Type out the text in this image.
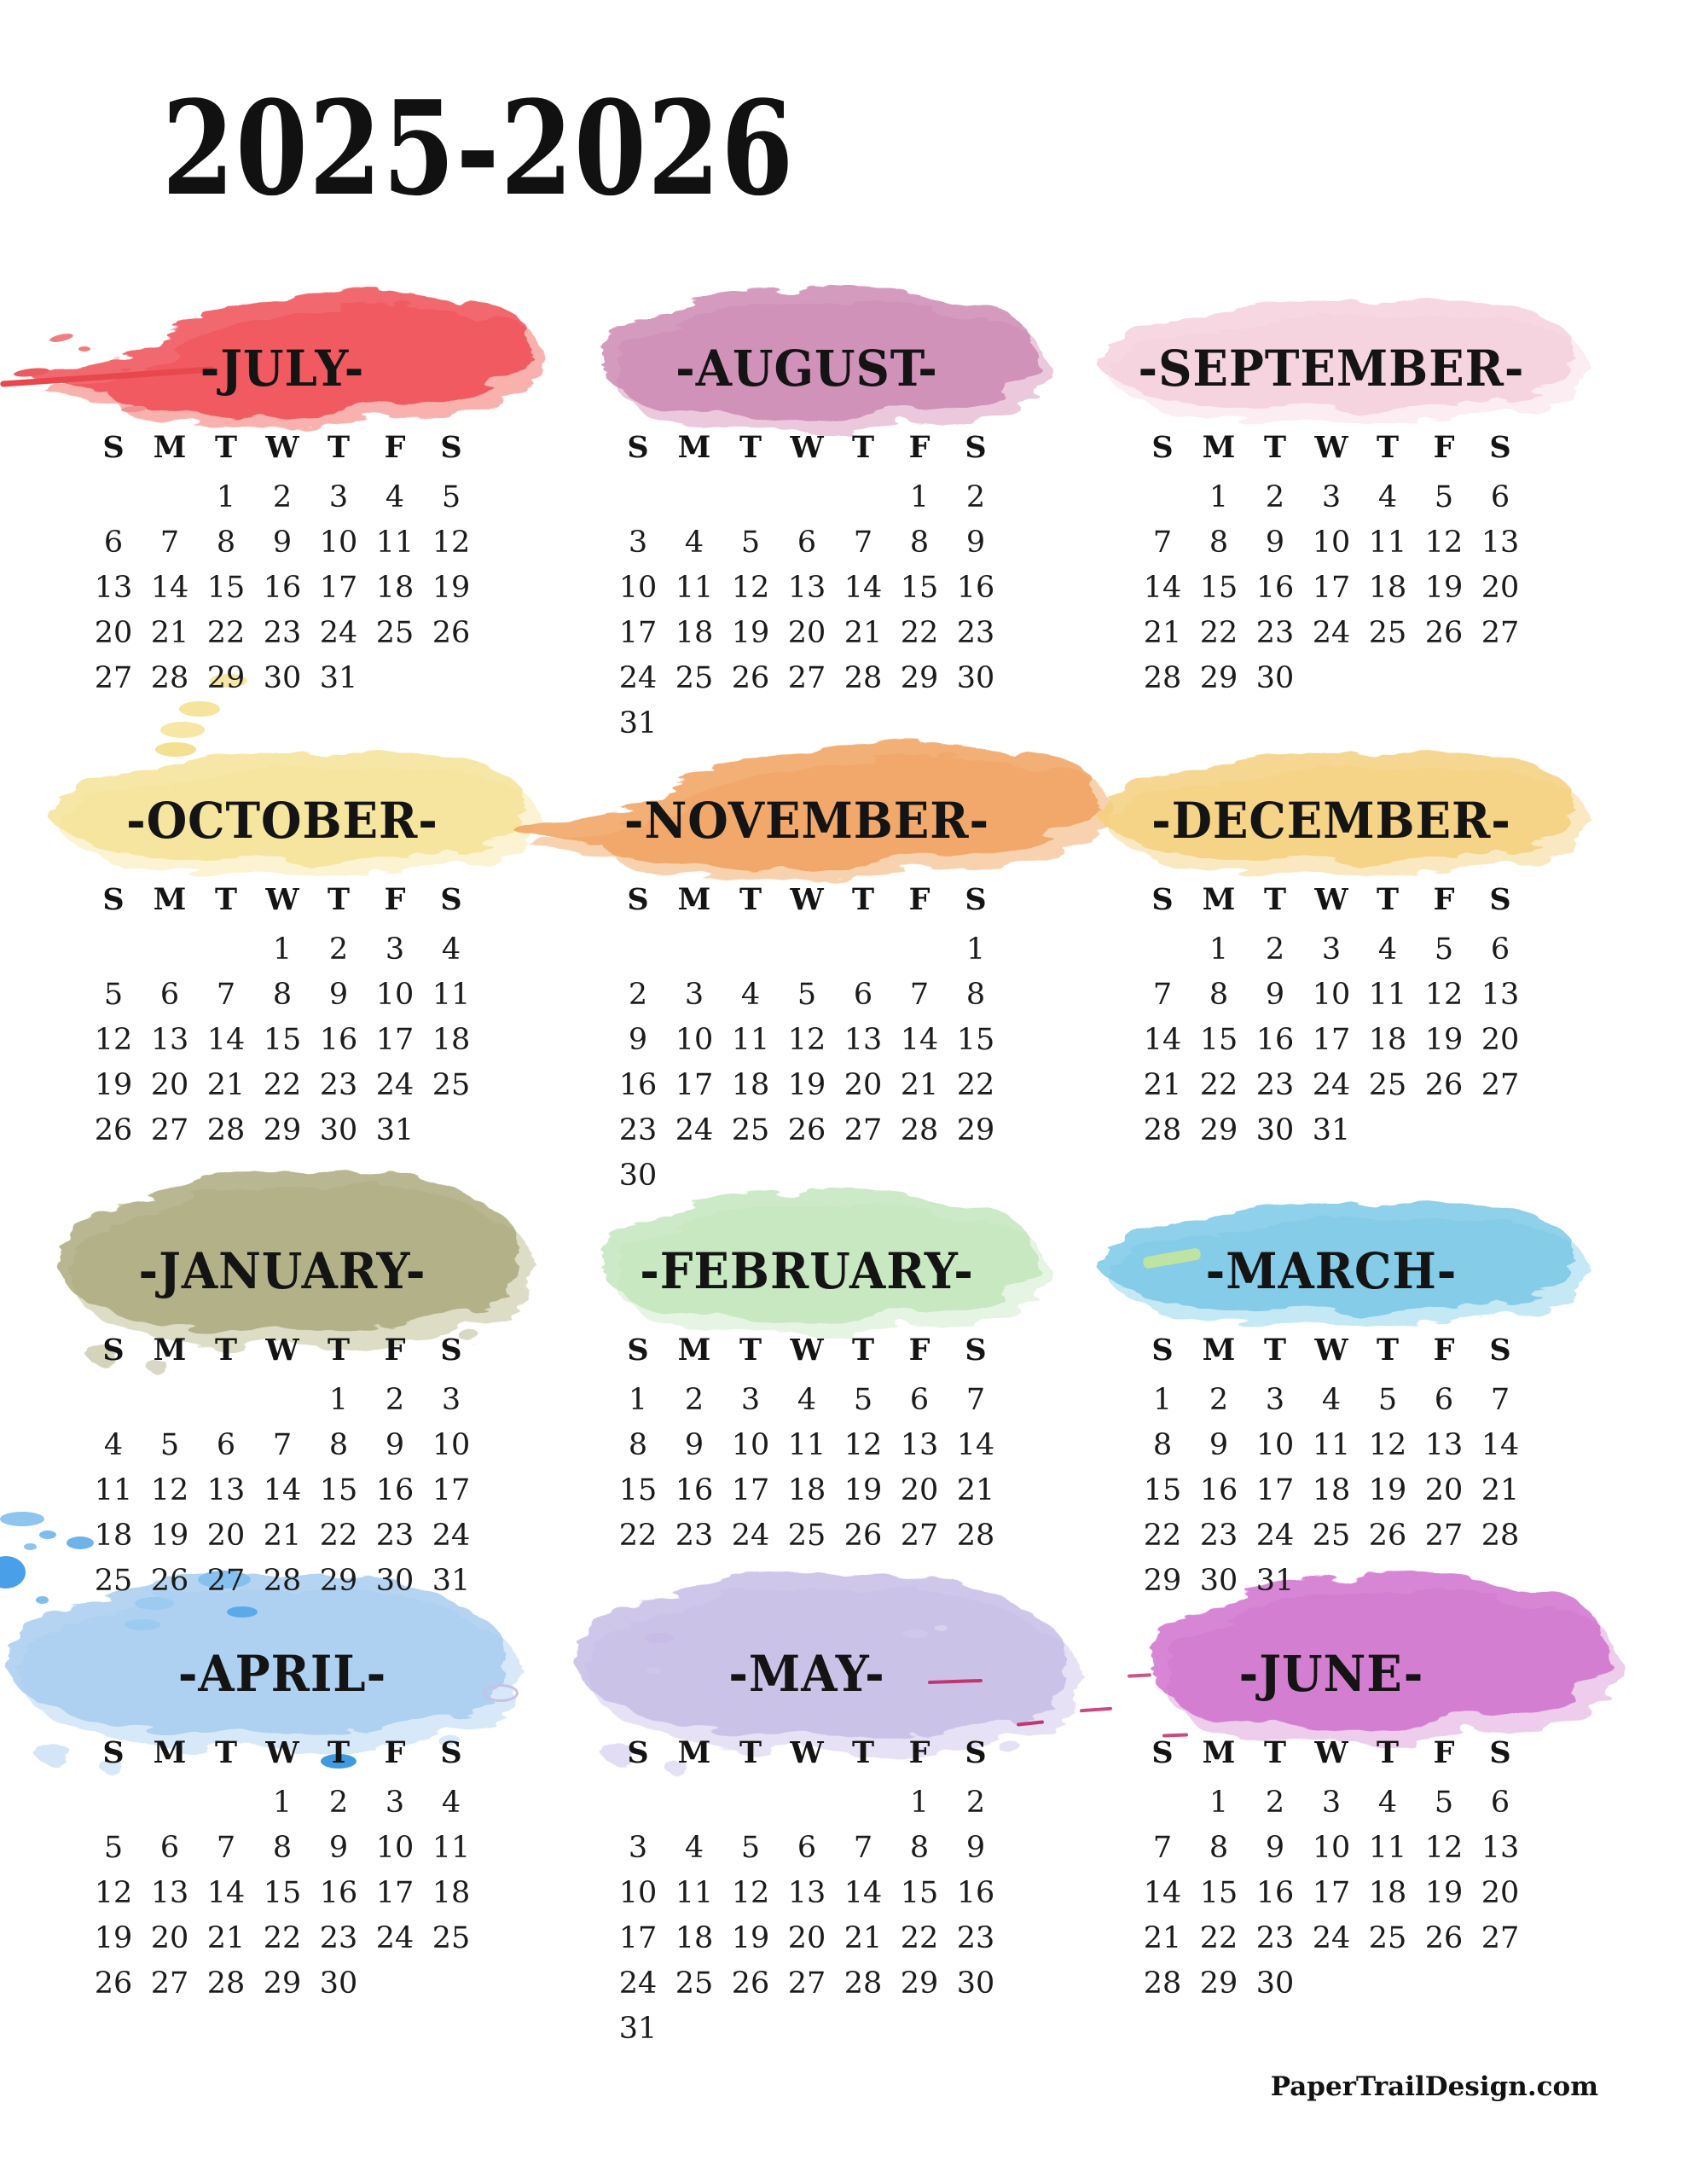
2025-2026
-JULY-
S	M	T	W	T	F	S
		1	2	3	4	5
6	7	8	9	10	11	12
13	14	15	16	17	18	19
20	21	22	23	24	25	26
27	28	29	30	31		
-AUGUST-
S	M	T	W	T	F	S
					1	2
3	4	5	6	7	8	9
10	11	12	13	14	15	16
17	18	19	20	21	22	23
24	25	26	27	28	29	30
31						
-SEPTEMBER-
S	M	T	W	T	F	S
	1	2	3	4	5	6
7	8	9	10	11	12	13
14	15	16	17	18	19	20
21	22	23	24	25	26	27
28	29	30				
-OCTOBER-
S	M	T	W	T	F	S
			1	2	3	4
5	6	7	8	9	10	11
12	13	14	15	16	17	18
19	20	21	22	23	24	25
26	27	28	29	30	31	
-NOVEMBER-
S	M	T	W	T	F	S
						1
2	3	4	5	6	7	8
9	10	11	12	13	14	15
16	17	18	19	20	21	22
23	24	25	26	27	28	29
30						
-DECEMBER-
S	M	T	W	T	F	S
	1	2	3	4	5	6
7	8	9	10	11	12	13
14	15	16	17	18	19	20
21	22	23	24	25	26	27
28	29	30	31			
-JANUARY-
S	M	T	W	T	F	S
				1	2	3
4	5	6	7	8	9	10
11	12	13	14	15	16	17
18	19	20	21	22	23	24
25	26	27	28	29	30	31
-FEBRUARY-
S	M	T	W	T	F	S
1	2	3	4	5	6	7
8	9	10	11	12	13	14
15	16	17	18	19	20	21
22	23	24	25	26	27	28
-MARCH-
S	M	T	W	T	F	S
1	2	3	4	5	6	7
8	9	10	11	12	13	14
15	16	17	18	19	20	21
22	23	24	25	26	27	28
29	30	31				
-APRIL-
S	M	T	W	T	F	S
			1	2	3	4
5	6	7	8	9	10	11
12	13	14	15	16	17	18
19	20	21	22	23	24	25
26	27	28	29	30		
-MAY-
S	M	T	W	T	F	S
					1	2
3	4	5	6	7	8	9
10	11	12	13	14	15	16
17	18	19	20	21	22	23
24	25	26	27	28	29	30
31						
-JUNE-
S	M	T	W	T	F	S
	1	2	3	4	5	6
7	8	9	10	11	12	13
14	15	16	17	18	19	20
21	22	23	24	25	26	27
28	29	30				
PaperTrailDesign.com
